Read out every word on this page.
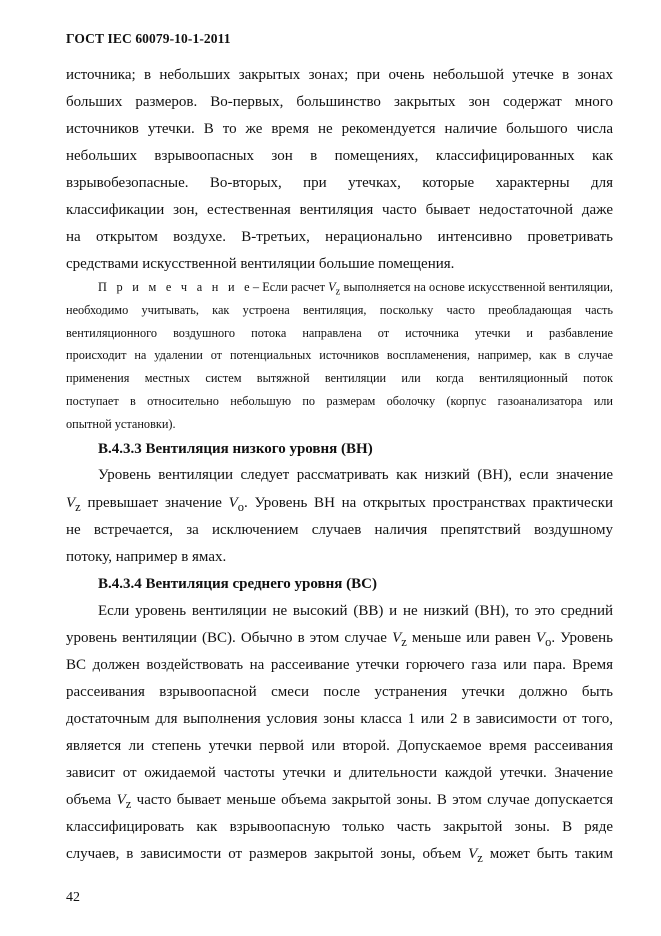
ГОСТ IEC 60079-10-1-2011
источника; в небольших закрытых зонах; при очень небольшой утечке в зонах
больших размеров. Во-первых, большинство закрытых зон содержат много
источников утечки. В то же время не рекомендуется наличие большого числа
небольших взрывоопасных зон в помещениях, классифицированных как
взрывобезопасные. Во-вторых, при утечках, которые характерны для
классификации зон, естественная вентиляция часто бывает недостаточной даже
на открытом воздухе. В-третьих, нерационально интенсивно проветривать
средствами искусственной вентиляции большие помещения.
П р и м е ч а н и е– Если расчет $V_z$ выполняется на основе искусственной вентиляции,
необходимо учитывать, как устроена вентиляция, поскольку часто преобладающая часть
вентиляционного воздушного потока направлена от источника утечки и разбавление
происходит на удалении от потенциальных источников воспламенения, например, как в случае
применения местных систем вытяжной вентиляции или когда вентиляционный поток
поступает в относительно небольшую по размерам оболочку (корпус газоанализатора или
опытной установки).
В.4.3.3 Вентиляция низкого уровня (ВН)
Уровень вентиляции следует рассматривать как низкий (ВН), если значение
$V_z$ превышает значение $V_o$. Уровень ВН на открытых пространствах практически
не встречается, за исключением случаев наличия препятствий воздушному
потоку, например в ямах.
В.4.3.4 Вентиляция среднего уровня (ВС)
Если уровень вентиляции не высокий (ВВ) и не низкий (ВН), то это средний
уровень вентиляции (ВС). Обычно в этом случае $V_z$ меньше или равен $V_o$. Уровень
ВС должен воздействовать на рассеивание утечки горючего газа или пара. Время
рассеивания взрывоопасной смеси после устранения утечки должно быть
достаточным для выполнения условия зоны класса 1 или 2 в зависимости от того,
является ли степень утечки первой или второй. Допускаемое время рассеивания
зависит от ожидаемой частоты утечки и длительности каждой утечки. Значение
объема $V_z$ часто бывает меньше объема закрытой зоны. В этом случае допускается
классифицировать как взрывоопасную только часть закрытой зоны. В ряде
случаев, в зависимости от размеров закрытой зоны, объем $V_z$ может быть таким
42
